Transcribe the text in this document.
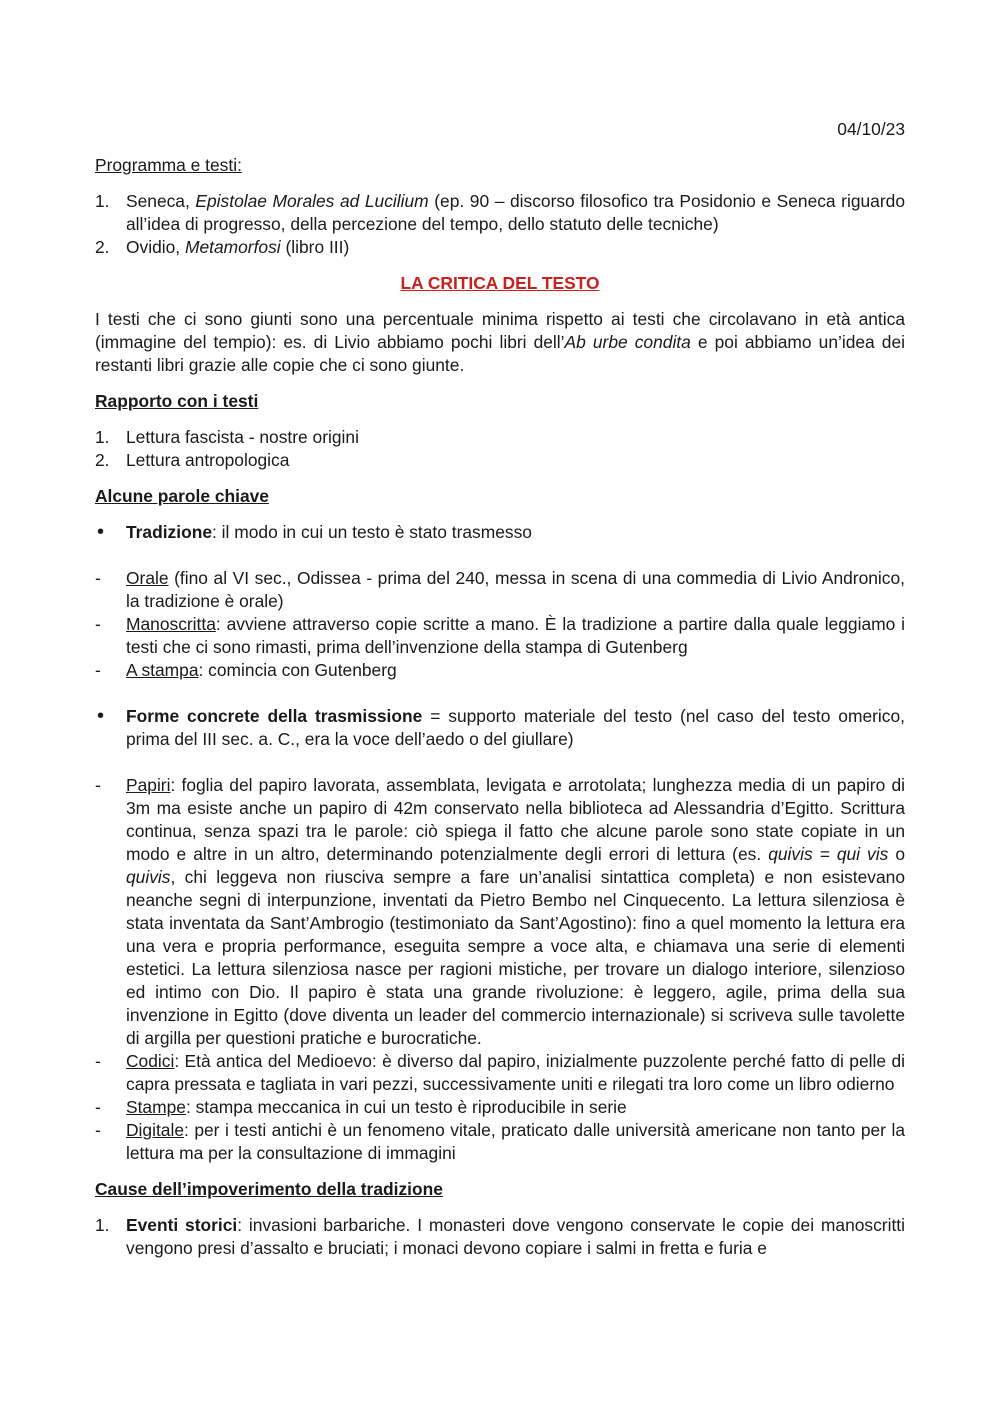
04/10/23

Programma e testi:

1. Seneca, Epistolae Morales ad Lucilium (ep. 90 – discorso filosofico tra Posidonio e Seneca riguardo all’idea di progresso, della percezione del tempo, dello statuto delle tecniche)
2. Ovidio, Metamorfosi (libro III)

LA CRITICA DEL TESTO

I testi che ci sono giunti sono una percentuale minima rispetto ai testi che circolavano in età antica (immagine del tempio): es. di Livio abbiamo pochi libri dell’Ab urbe condita e poi abbiamo un’idea dei restanti libri grazie alle copie che ci sono giunte.

Rapporto con i testi

1. Lettura fascista - nostre origini
2. Lettura antropologica

Alcune parole chiave

• Tradizione: il modo in cui un testo è stato trasmesso
- Orale (fino al VI sec., Odissea - prima del 240, messa in scena di una commedia di Livio Andronico, la tradizione è orale)
- Manoscritta: avviene attraverso copie scritte a mano. È la tradizione a partire dalla quale leggiamo i testi che ci sono rimasti, prima dell’invenzione della stampa di Gutenberg
- A stampa: comincia con Gutenberg
• Forme concrete della trasmissione = supporto materiale del testo (nel caso del testo omerico, prima del III sec. a. C., era la voce dell’aedo o del giullare)
- Papiri: foglia del papiro lavorata, assemblata, levigata e arrotolata; lunghezza media di un papiro di 3m ma esiste anche un papiro di 42m conservato nella biblioteca ad Alessandria d’Egitto. Scrittura continua, senza spazi tra le parole: ciò spiega il fatto che alcune parole sono state copiate in un modo e altre in un altro, determinando potenzialmente degli errori di lettura (es. quivis = qui vis o quivis, chi leggeva non riusciva sempre a fare un’analisi sintattica completa) e non esistevano neanche segni di interpunzione, inventati da Pietro Bembo nel Cinquecento. La lettura silenziosa è stata inventata da Sant’Ambrogio (testimoniato da Sant’Agostino): fino a quel momento la lettura era una vera e propria performance, eseguita sempre a voce alta, e chiamava una serie di elementi estetici. La lettura silenziosa nasce per ragioni mistiche, per trovare un dialogo interiore, silenzioso ed intimo con Dio. Il papiro è stata una grande rivoluzione: è leggero, agile, prima della sua invenzione in Egitto (dove diventa un leader del commercio internazionale) si scriveva sulle tavolette di argilla per questioni pratiche e burocratiche.
- Codici: Età antica del Medioevo: è diverso dal papiro, inizialmente puzzolente perché fatto di pelle di capra pressata e tagliata in vari pezzi, successivamente uniti e rilegati tra loro come un libro odierno
- Stampe: stampa meccanica in cui un testo è riproducibile in serie
- Digitale: per i testi antichi è un fenomeno vitale, praticato dalle università americane non tanto per la lettura ma per la consultazione di immagini

Cause dell’impoverimento della tradizione

1. Eventi storici: invasioni barbariche. I monasteri dove vengono conservate le copie dei manoscritti vengono presi d’assalto e bruciati; i monaci devono copiare i salmi in fretta e furia e
